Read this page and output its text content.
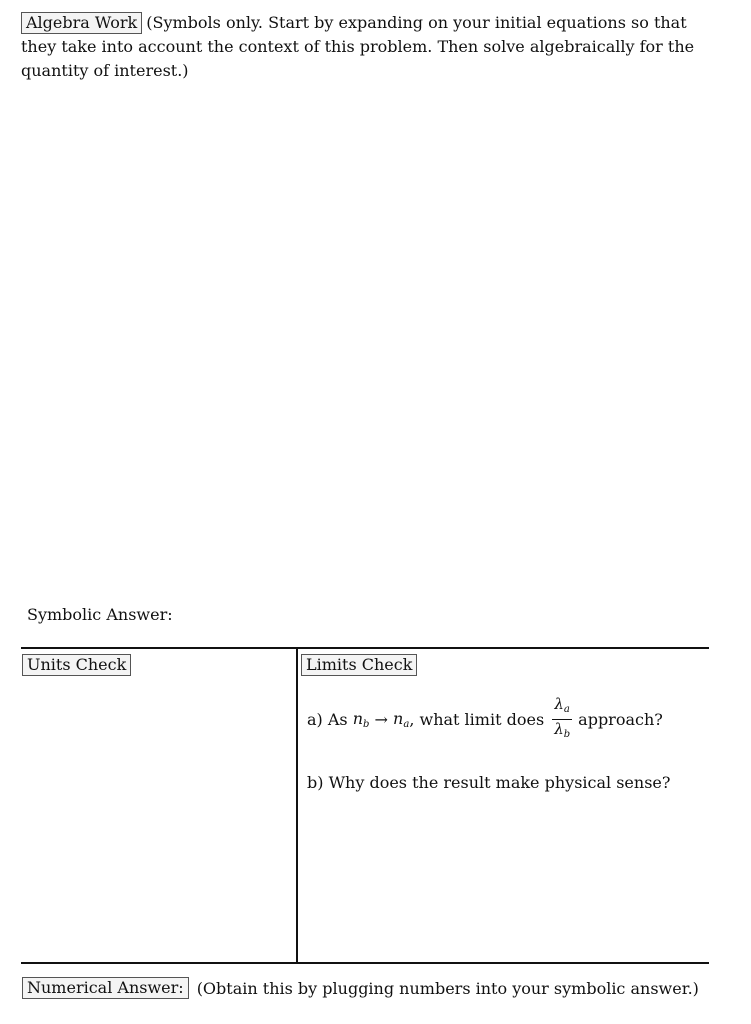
Algebra Work (Symbols only. Start by expanding on your initial equations so that they take into account the context of this problem. Then solve algebraically for the quantity of interest.)
Symbolic Answer:
Units Check	Limits Check
a) As
$n_b$
→
$n_a$ , what limit does $\frac{\lambda_a}{\lambda_b}$ approach?
b) Why does the result make physical sense?
Numerical Answer: (Obtain this by plugging numbers into your symbolic answer.)
